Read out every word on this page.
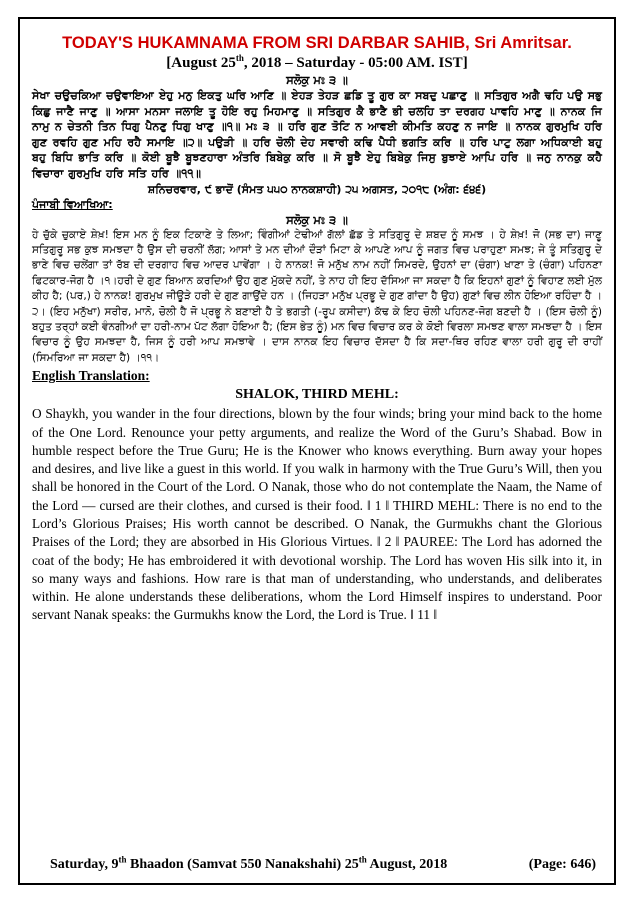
TODAY'S HUKAMNAMA FROM SRI DARBAR SAHIB, Sri Amritsar.
[August 25th, 2018 – Saturday - 05:00 AM. IST]
ਸਲੋਕੁ ਮਃ ੩ ॥
ਸੇਖਾ ਚਉਚਕਿਆ ਚਉਵਾਇਆ ਏਹੁ ਮਨੁ ਇਕਤੁ ਘਰਿ ਆਣਿ ॥ ਏਹੜ ਤੇਹੜ ਛਡਿ ਤੂ ਗੁਰ ਕਾ ਸਬਦੁ ਪਛਾਣੁ ॥ ਸਤਿਗੁਰ ਅਗੈ ਢਹਿ ਪਉ ਸਭੁ ਕਿਛੁ ਜਾਣੈ ਜਾਣੁ ॥ ਆਸਾ ਮਨਸਾ ਜਲਾਇ ਤੂ ਹੋਇ ਰਹੁ ਮਿਹਮਾਣੁ ॥ ਸਤਿਗੁਰ ਕੈ ਭਾਣੈ ਭੀ ਚਲਹਿ ਤਾ ਦਰਗਹ ਪਾਵਹਿ ਮਾਣੁ ॥ ਨਾਨਕ ਜਿ ਨਾਮੁ ਨ ਚੇਤਨੀ ਤਿਨ ਧਿਗੁ ਪੈਨਣੁ ਧਿਗੁ ਖਾਣੁ ॥੧॥ ਮਃ ੩ ॥ ਹਰਿ ਗੁਣ ਤੋਟਿ ਨ ਆਵਈ ਕੀਮਤਿ ਕਹਣੁ ਨ ਜਾਇ ॥ ਨਾਨਕ ਗੁਰਮੁਖਿ ਹਰਿ ਗੁਣ ਰਵਹਿ ਗੁਣ ਮਹਿ ਰਹੈ ਸਮਾਇ ॥੨॥ ਪਉੜੀ ॥ ਹਰਿ ਚੋਲੀ ਦੇਹ ਸਵਾਰੀ ਕਢਿ ਪੈਧੀ ਭਗਤਿ ਕਰਿ ॥ ਹਰਿ ਪਾਟੁ ਲਗਾ ਅਧਿਕਾਈ ਬਹੁ ਬਹੁ ਬਿਧਿ ਭਾਤਿ ਕਰਿ ॥ ਕੋਈ ਬੂਝੈ ਬੂਝਣਹਾਰਾ ਅੰਤਰਿ ਬਿਬੇਕੁ ਕਰਿ ॥ ਸੋ ਬੂਝੈ ਏਹੁ ਬਿਬੇਕੁ ਜਿਸੁ ਬੁਝਾਏ ਆਪਿ ਹਰਿ ॥ ਜਨੁ ਨਾਨਕੁ ਕਹੈ ਵਿਚਾਰਾ ਗੁਰਮੁਖਿ ਹਰਿ ਸਤਿ ਹਰਿ ॥੧੧॥
ਸ਼ਨਿਚਰਵਾਰ, ੯ ਭਾਦੋਂ (ਸੰਮਤ ੫੫੦ ਨਾਨਕਸ਼ਾਹੀ) ੨੫ ਅਗਸਤ, ੨੦੧੮ (ਅੰਗ: ੬੪੬)
ਪੰਜਾਬੀ ਵਿਆਖਿਆ:
ਸਲੋਕੁ ਮਃ ੩ ॥
ਹੇ ਚੁੱਕੇ ਚੁਕਾਏ ਸ਼ੇਖ਼! ਇਸ ਮਨ ਨੂੰ ਇਕ ਟਿਕਾਣੇ ਤੇ ਲਿਆ; ਵਿੰਗੀਆਂ ਟੇਢੀਆਂ ਗੱਲਾਂ ਛੱਡ ਤੇ ਸਤਿਗੁਰੂ ਦੇ ਸ਼ਬਦ ਨੂੰ ਸਮਝ । ਹੇ ਸ਼ੇਖ਼! ਜੋ (ਸਭ ਦਾ) ਜਾਣੂ ਸਤਿਗੁਰੂ ਸਭ ਕੁਝ ਸਮਝਦਾ ਹੈ ਉਸ ਦੀ ਚਰਨੀਂ ਲੱਗ; ਆਸਾਂ ਤੇ ਮਨ ਦੀਆਂ ਦੌੜਾਂ ਮਿਟਾ ਕੇ ਆਪਣੇ ਆਪ ਨੂੰ ਜਗਤ ਵਿਚ ਪਰਾਹੁਣਾ ਸਮਝ; ਜੇ ਤੂੰ ਸਤਿਗੁਰੂ ਦੇ ਭਾਣੇ ਵਿਚ ਚਲੇਂਗਾ ਤਾਂ ਰੱਬ ਦੀ ਦਰਗਾਹ ਵਿਚ ਆਦਰ ਪਾਵੇਂਗਾ । ਹੇ ਨਾਨਕ! ਜੋ ਮਨੁੱਖ ਨਾਮ ਨਹੀਂ ਸਿਮਰਦੇ, ਉਹਨਾਂ ਦਾ (ਚੰਗਾ) ਖਾਣਾ ਤੇ (ਚੰਗਾ) ਪਹਿਨਣਾ ਫਿਟਕਾਰ-ਜੋਗ ਹੈ ।੧।ਹਰੀ ਦੇ ਗੁਣ ਬਿਆਨ ਕਰਦਿਆਂ ਉਹ ਗੁਣ ਮੁੱਕਦੇ ਨਹੀਂ, ਤੇ ਨਾਹ ਹੀ ਇਹ ਦੱਸਿਆ ਜਾ ਸਕਦਾ ਹੈ ਕਿ ਇਹਨਾਂ ਗੁਣਾਂ ਨੂੰ ਵਿਹਾਣ ਲਈ ਮੁੱਲ ਕੀਹ ਹੈ; (ਪਰ,) ਹੇ ਨਾਨਕ! ਗੁਰਮੁਖ ਜੀਊੜੇ ਹਰੀ ਦੇ ਗੁਣ ਗਾਉਂਦੇ ਹਨ । (ਜਿਹੜਾ ਮਨੁੱਖ ਪ੍ਰਭੂ ਦੇ ਗੁਣ ਗਾਂਦਾ ਹੈ ਉਹ) ਗੁਣਾਂ ਵਿਚ ਲੀਨ ਹੋਇਆ ਰਹਿੰਦਾ ਹੈ ।੨। (ਇਹ ਮਨੁੱਖਾ) ਸਰੀਰ, ਮਾਨੋ, ਚੋਲੀ ਹੈ ਜੋ ਪ੍ਰਭੂ ਨੇ ਬਣਾਈ ਹੈ ਤੇ ਭਗਤੀ (-ਰੂਪ ਕਸੀਦਾ) ਕੱਢ ਕੇ ਇਹ ਚੋਲੀ ਪਹਿਨਣ-ਜੋਗ ਬਣਦੀ ਹੈ । (ਇਸ ਚੋਲੀ ਨੂੰ) ਬਹੁਤ ਤਰ੍ਹਾਂ ਕਈ ਵੰਨਗੀਆਂ ਦਾ ਹਰੀ-ਨਾਮ ਪੱਟ ਲੱਗਾ ਹੋਇਆ ਹੈ; (ਇਸ ਭੇਤ ਨੂੰ) ਮਨ ਵਿਚ ਵਿਚਾਰ ਕਰ ਕੇ ਕੋਈ ਵਿਰਲਾ ਸਮਝਣ ਵਾਲਾ ਸਮਝਦਾ ਹੈ । ਇਸ ਵਿਚਾਰ ਨੂੰ ਉਹ ਸਮਝਦਾ ਹੈ, ਜਿਸ ਨੂੰ ਹਰੀ ਆਪ ਸਮਝਾਵੇ । ਦਾਸ ਨਾਨਕ ਇਹ ਵਿਚਾਰ ਦੱਸਦਾ ਹੈ ਕਿ ਸਦਾ-ਥਿਰ ਰਹਿਣ ਵਾਲਾ ਹਰੀ ਗੁਰੂ ਦੀ ਰਾਹੀਂ (ਸਿਮਰਿਆ ਜਾ ਸਕਦਾ ਹੈ) ।੧੧।
English Translation:
SHALOK, THIRD MEHL:
O Shaykh, you wander in the four directions, blown by the four winds; bring your mind back to the home of the One Lord. Renounce your petty arguments, and realize the Word of the Guru’s Shabad. Bow in humble respect before the True Guru; He is the Knower who knows everything. Burn away your hopes and desires, and live like a guest in this world. If you walk in harmony with the True Guru’s Will, then you shall be honored in the Court of the Lord. O Nanak, those who do not contemplate the Naam, the Name of the Lord — cursed are their clothes, and cursed is their food. ‖ 1 ‖ THIRD MEHL: There is no end to the Lord’s Glorious Praises; His worth cannot be described. O Nanak, the Gurmukhs chant the Glorious Praises of the Lord; they are absorbed in His Glorious Virtues. ‖ 2 ‖ PAUREE: The Lord has adorned the coat of the body; He has embroidered it with devotional worship. The Lord has woven His silk into it, in so many ways and fashions. How rare is that man of understanding, who understands, and deliberates within. He alone understands these deliberations, whom the Lord Himself inspires to understand. Poor servant Nanak speaks: the Gurmukhs know the Lord, the Lord is True. ‖ 11 ‖
Saturday, 9th Bhaadon (Samvat 550 Nanakshahi) 25th August, 2018	(Page: 646)
